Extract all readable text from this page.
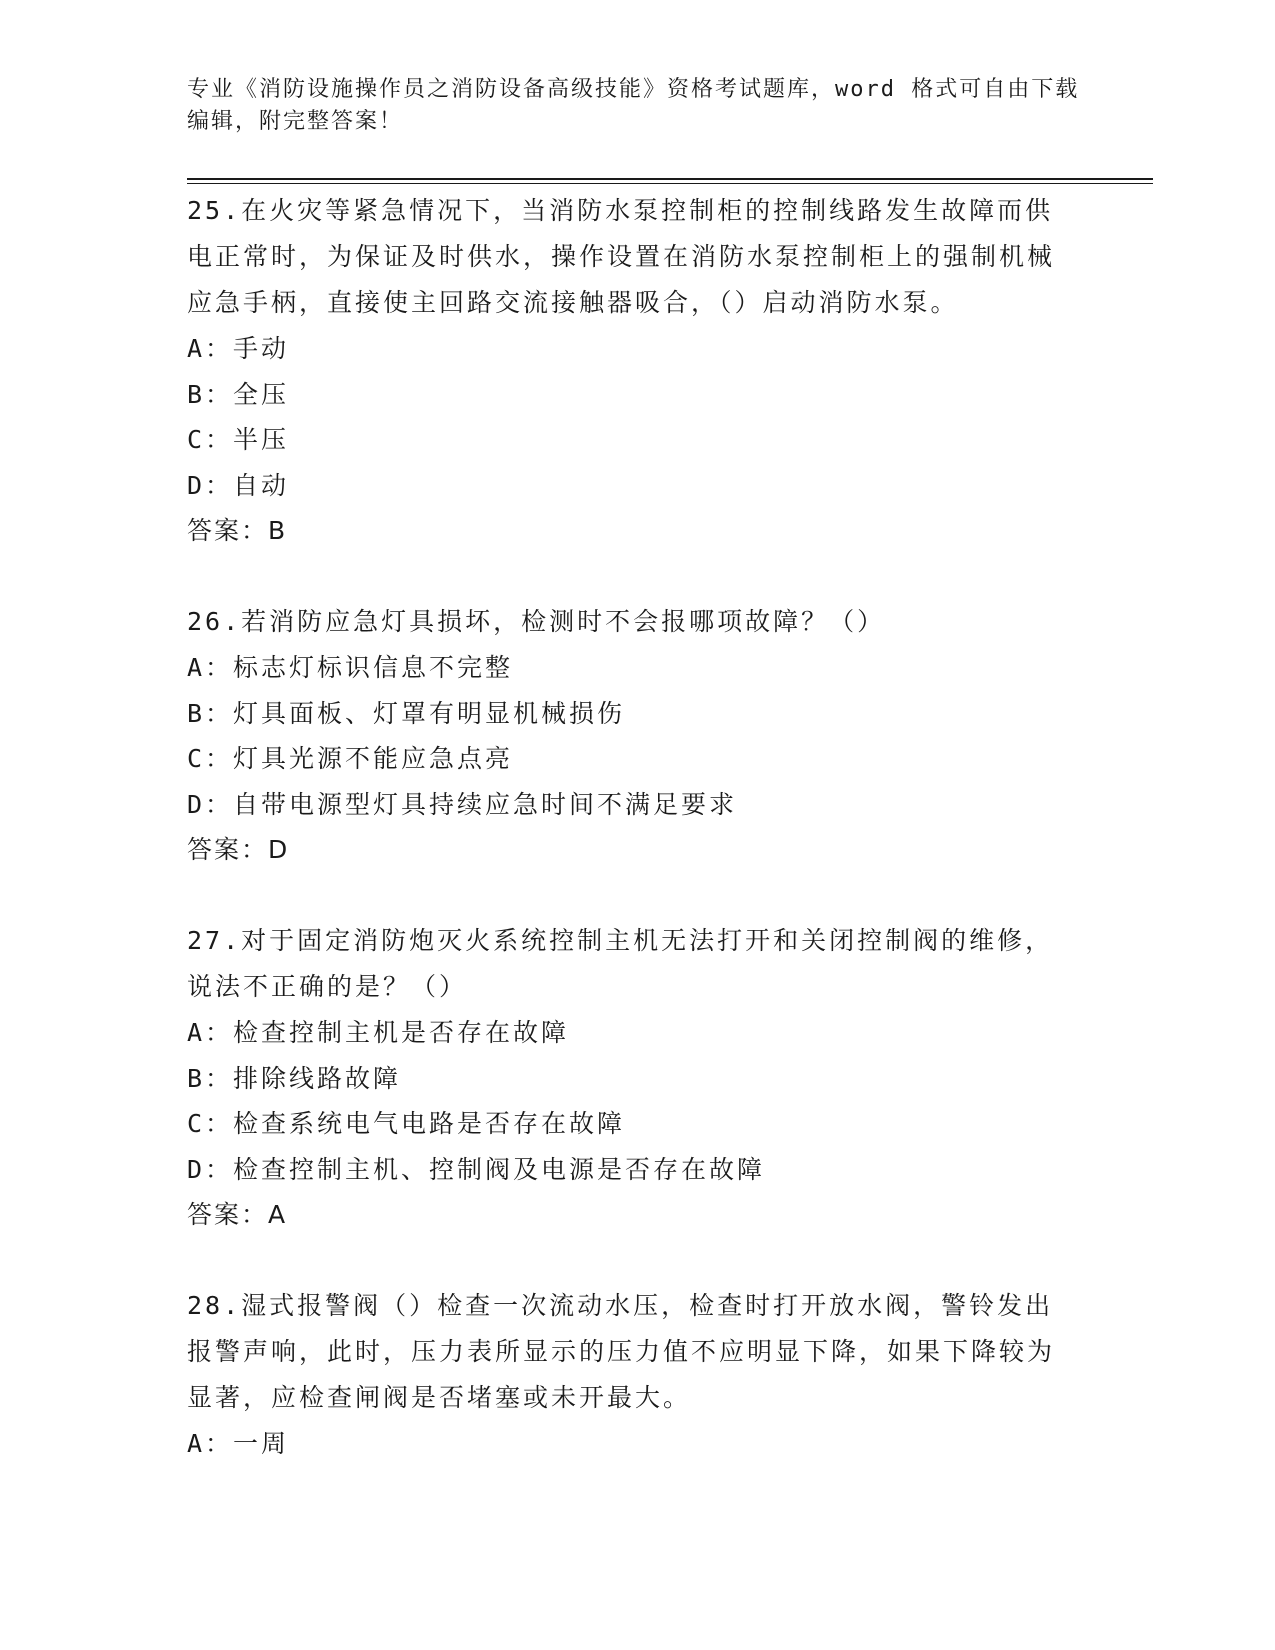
专业《消防设施操作员之消防设备高级技能》资格考试题库，word 格式可自由下载编辑，附完整答案！
25.在火灾等紧急情况下，当消防水泵控制柜的控制线路发生故障而供电正常时，为保证及时供水，操作设置在消防水泵控制柜上的强制机械应急手柄，直接使主回路交流接触器吸合，（）启动消防水泵。
A：手动
B：全压
C：半压
D：自动
答案：B
26.若消防应急灯具损坏，检测时不会报哪项故障？（）
A：标志灯标识信息不完整
B：灯具面板、灯罩有明显机械损伤
C：灯具光源不能应急点亮
D：自带电源型灯具持续应急时间不满足要求
答案：D
27.对于固定消防炮灭火系统控制主机无法打开和关闭控制阀的维修，说法不正确的是？（）
A：检查控制主机是否存在故障
B：排除线路故障
C：检查系统电气电路是否存在故障
D：检查控制主机、控制阀及电源是否存在故障
答案：A
28.湿式报警阀（）检查一次流动水压，检查时打开放水阀，警铃发出报警声响，此时，压力表所显示的压力值不应明显下降，如果下降较为显著，应检查闸阀是否堵塞或未开最大。
A：一周
